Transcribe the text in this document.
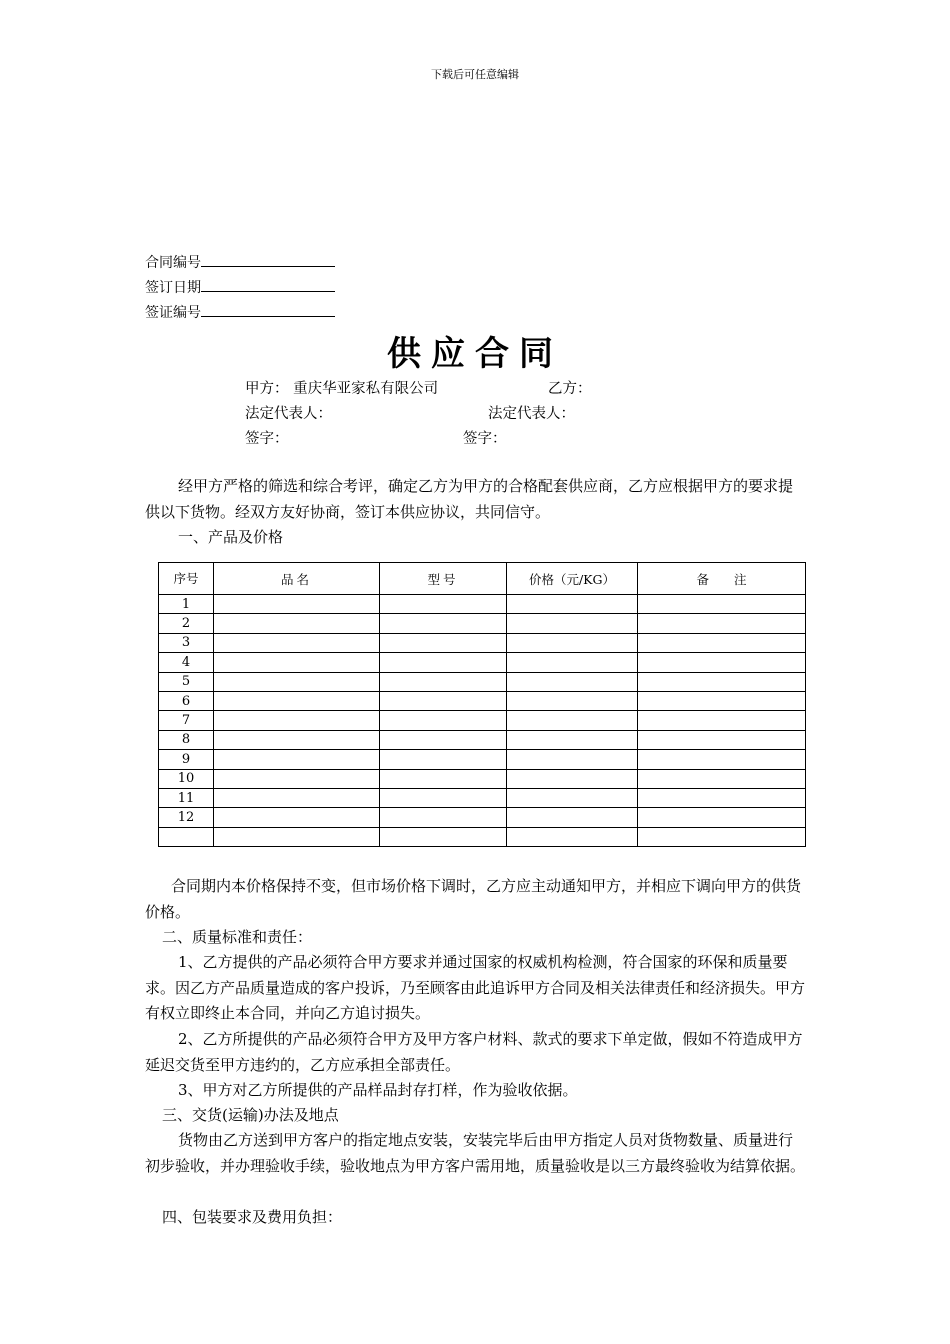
下载后可任意编辑
合同编号
签订日期
签证编号
供应合同
甲方： 重庆华亚家私有限公司	乙方：
法定代表人：	法定代表人：
签字：	签字：
经甲方严格的筛选和综合考评，确定乙方为甲方的合格配套供应商，乙方应根据甲方的要求提供以下货物。经双方友好协商，签订本供应协议，共同信守。
一、产品及价格
序号	品名	型号	价格（元/KG）	备　　注
1				
2				
3				
4				
5				
6				
7				
8				
9				
10				
11				
12				

合同期内本价格保持不变，但市场价格下调时，乙方应主动通知甲方，并相应下调向甲方的供货价格。
二、质量标准和责任：
1、乙方提供的产品必须符合甲方要求并通过国家的权威机构检测，符合国家的环保和质量要求。因乙方产品质量造成的客户投诉，乃至顾客由此追诉甲方合同及相关法律责任和经济损失。甲方有权立即终止本合同，并向乙方追讨损失。
2、乙方所提供的产品必须符合甲方及甲方客户材料、款式的要求下单定做，假如不符造成甲方延迟交货至甲方违约的，乙方应承担全部责任。
3、甲方对乙方所提供的产品样品封存打样，作为验收依据。
三、交货(运输)办法及地点
货物由乙方送到甲方客户的指定地点安装，安装完毕后由甲方指定人员对货物数量、质量进行初步验收，并办理验收手续，验收地点为甲方客户需用地，质量验收是以三方最终验收为结算依据。
四、包装要求及费用负担：
